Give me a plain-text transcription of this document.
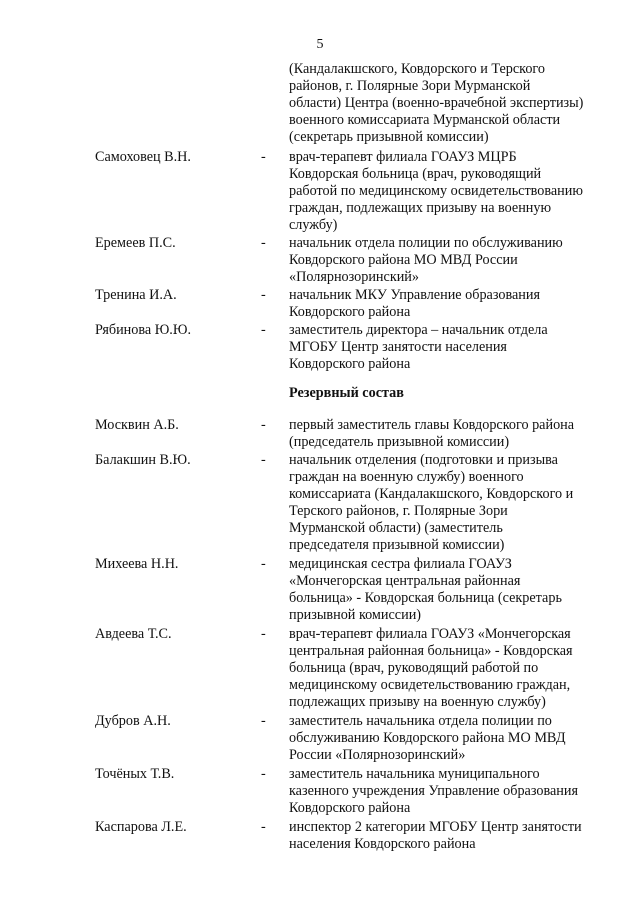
5
(Кандалакшского, Ковдорского и Терского
районов, г. Полярные Зори Мурманской
области) Центра (военно-врачебной экспертизы)
военного комиссариата Мурманской области
(секретарь призывной комиссии)
Самоховец В.Н.	- врач-терапевт филиала ГОАУЗ МЦРБ
Ковдорская больница (врач, руководящий
работой по медицинскому освидетельствованию
граждан, подлежащих призыву на военную
службу)
Еремеев П.С.	- начальник отдела полиции по обслуживанию
Ковдорского района МО МВД России
«Полярнозоринский»
Тренина И.А.	- начальник МКУ Управление образования
Ковдорского района
Рябинова Ю.Ю.	- заместитель директора – начальник отдела
МГОБУ Центр занятости населения
Ковдорского района
Резервный состав
Москвин А.Б.	- первый заместитель главы Ковдорского района
(председатель призывной комиссии)
Балакшин В.Ю.	- начальник отделения (подготовки и призыва
граждан на военную службу) военного
комиссариата (Кандалакшского, Ковдорского и
Терского районов, г. Полярные Зори
Мурманской области) (заместитель
председателя призывной комиссии)
Михеева Н.Н.	- медицинская сестра филиала ГОАУЗ
«Мончегорская центральная районная
больница» - Ковдорская больница (секретарь
призывной комиссии)
Авдеева Т.С.	- врач-терапевт филиала ГОАУЗ «Мончегорская
центральная районная больница» - Ковдорская
больница (врач, руководящий работой по
медицинскому освидетельствованию граждан,
подлежащих призыву на военную службу)
Дубров А.Н.	- заместитель начальника отдела полиции по
обслуживанию Ковдорского района МО МВД
России «Полярнозоринский»
Точёных Т.В.	- заместитель начальника муниципального
казенного учреждения Управление образования
Ковдорского района
Каспарова Л.Е.	- инспектор 2 категории МГОБУ Центр занятости
населения Ковдорского района
